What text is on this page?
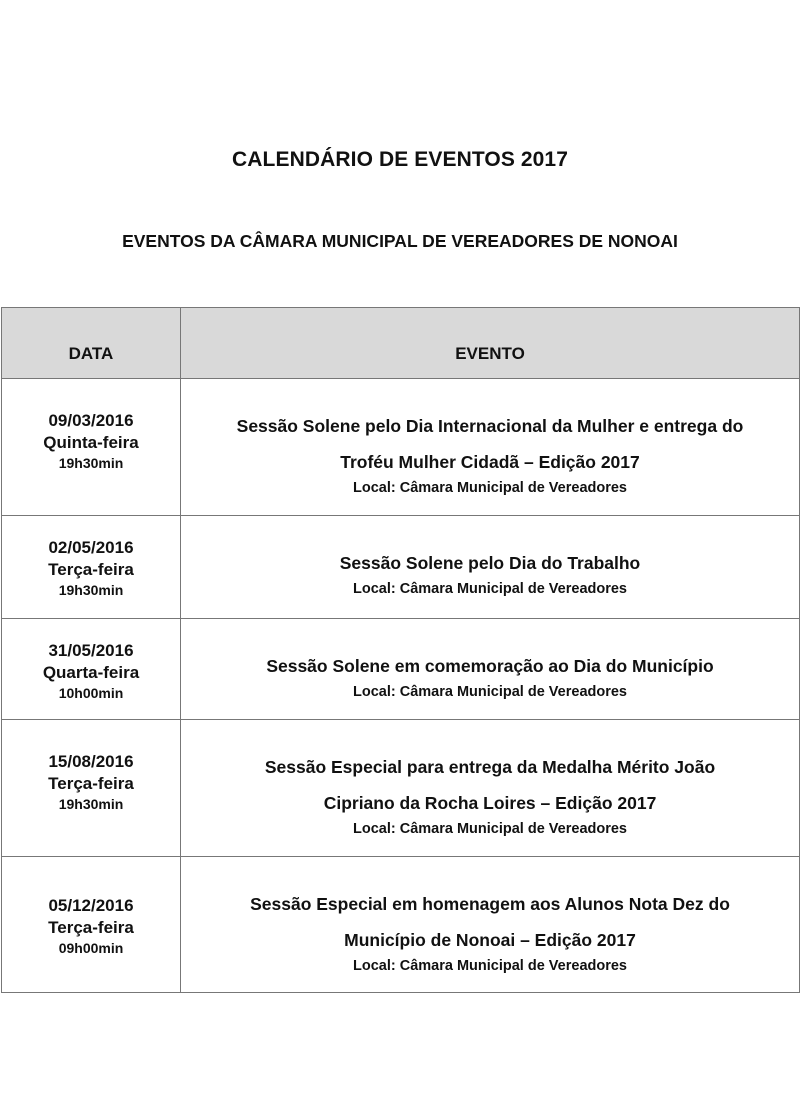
CALENDÁRIO DE EVENTOS 2017
EVENTOS DA CÂMARA MUNICIPAL DE VEREADORES DE NONOAI
DATA	EVENTO

09/03/2016
Quinta-feira
19h30min	Sessão Solene pelo Dia Internacional da Mulher e entrega do
Troféu Mulher Cidadã – Edição 2017
Local: Câmara Municipal de Vereadores

02/05/2016
Terça-feira
19h30min	Sessão Solene pelo Dia do Trabalho
Local: Câmara Municipal de Vereadores

31/05/2016
Quarta-feira
10h00min	Sessão Solene em comemoração ao Dia do Município
Local: Câmara Municipal de Vereadores

15/08/2016
Terça-feira
19h30min	Sessão Especial para entrega da Medalha Mérito João
Cipriano da Rocha Loires – Edição 2017
Local: Câmara Municipal de Vereadores

05/12/2016
Terça-feira
09h00min	Sessão Especial em homenagem aos Alunos Nota Dez do
Município de Nonoai – Edição 2017
Local: Câmara Municipal de Vereadores
